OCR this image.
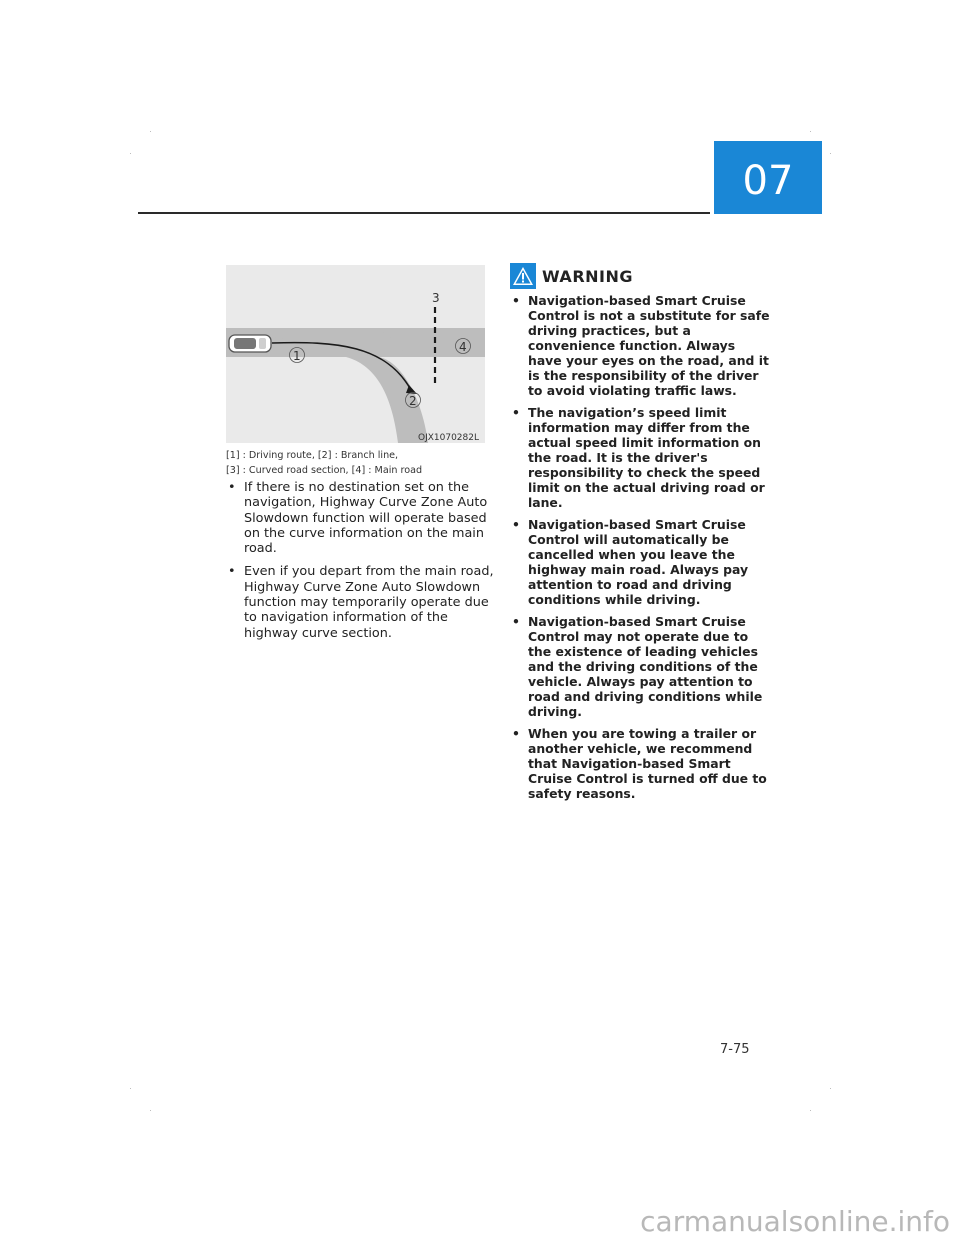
07
1
2
3
4
OJX1070282L
[1] : Driving route, [2] : Branch line,
[3] : Curved road section, [4] : Main road
• If there is no destination set on the navigation, Highway Curve Zone Auto Slowdown function will operate based on the curve information on the main road.
• Even if you depart from the main road, Highway Curve Zone Auto Slowdown function may temporarily operate due to navigation information of the highway curve section.
WARNING
• Navigation-based Smart Cruise Control is not a substitute for safe driving practices, but a convenience function. Always have your eyes on the road, and it is the responsibility of the driver to avoid violating traffic laws.
• The navigation’s speed limit information may differ from the actual speed limit information on the road. It is the driver's responsibility to check the speed limit on the actual driving road or lane.
• Navigation-based Smart Cruise Control will automatically be cancelled when you leave the highway main road. Always pay attention to road and driving conditions while driving.
• Navigation-based Smart Cruise Control may not operate due to the existence of leading vehicles and the driving conditions of the vehicle. Always pay attention to road and driving conditions while driving.
• When you are towing a trailer or another vehicle, we recommend that Navigation-based Smart Cruise Control is turned off due to safety reasons.
7-75
carmanualsonline.info
